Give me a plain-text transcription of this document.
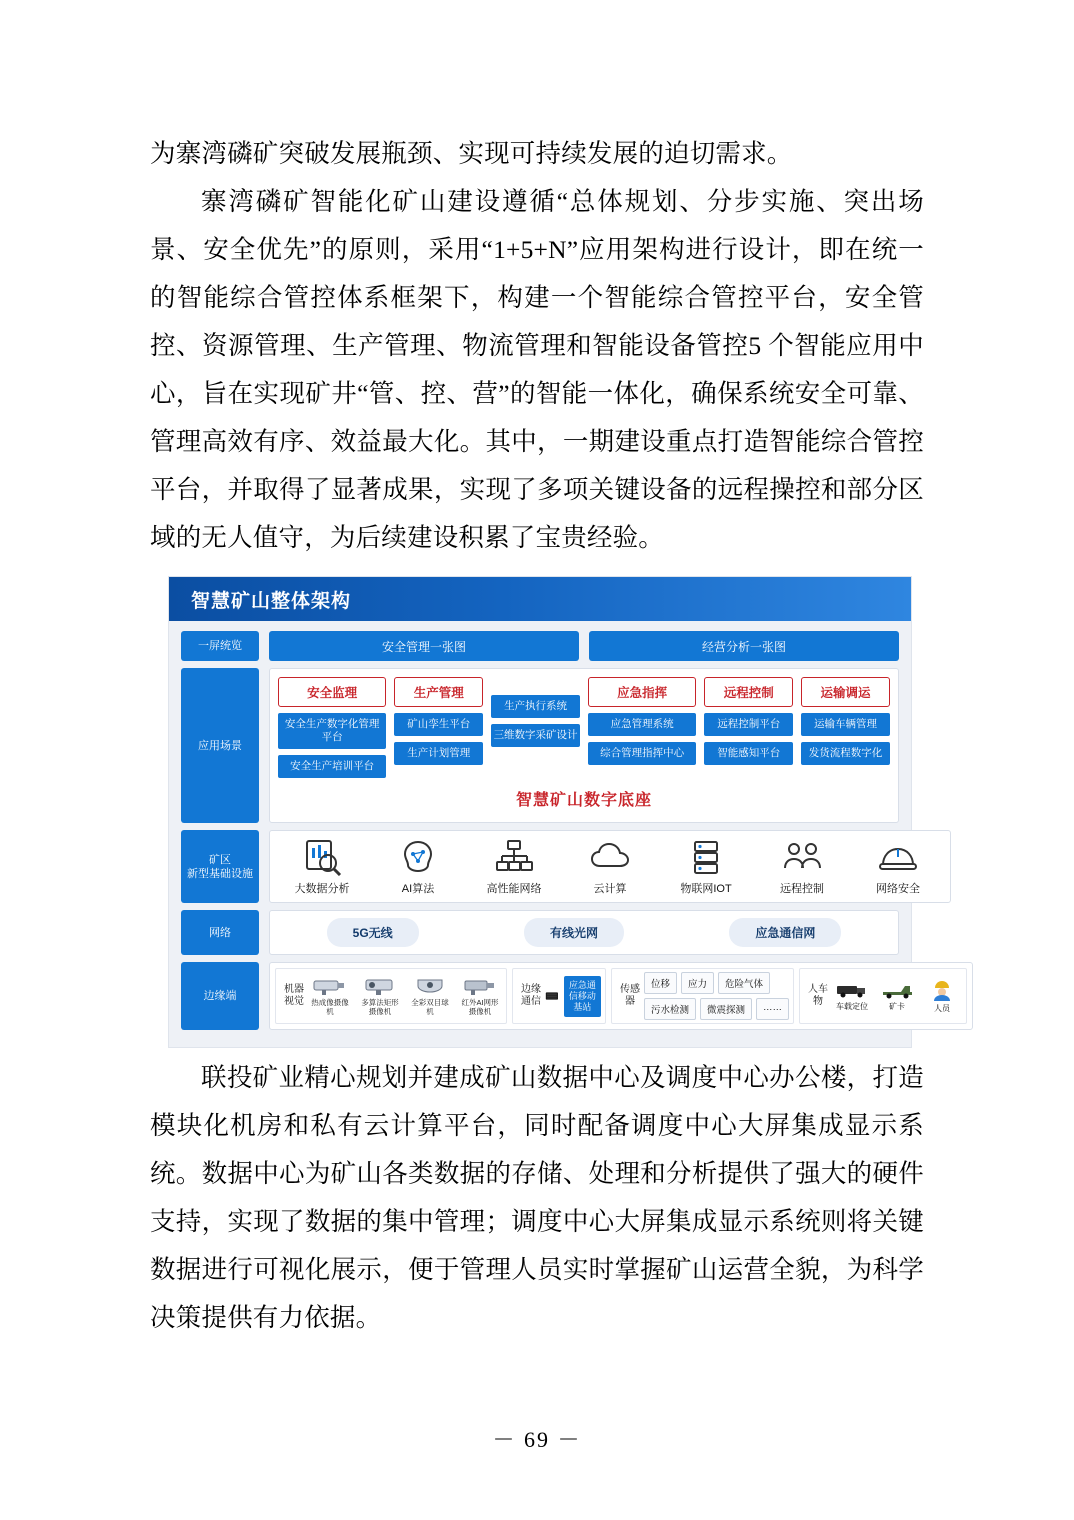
为寨湾磷矿突破发展瓶颈、实现可持续发展的迫切需求。

寨湾磷矿智能化矿山建设遵循“总体规划、分步实施、突出场景、安全优先”的原则，采用“1+5+N”应用架构进行设计，即在统一的智能综合管控体系框架下，构建一个智能综合管控平台，安全管控、资源管理、生产管理、物流管理和智能设备管控5 个智能应用中心，旨在实现矿井“管、控、营”的智能一体化，确保系统安全可靠、管理高效有序、效益最大化。其中，一期建设重点打造智能综合管控平台，并取得了显著成果，实现了多项关键设备的远程操控和部分区域的无人值守，为后续建设积累了宝贵经验。

智慧矿山整体架构
一屏统览	安全管理一张图	经营分析一张图
应用场景
安全监理
安全生产数字化管理平台
安全生产培训平台
生产管理
矿山孪生平台
生产计划管理
生产执行系统
三维数字采矿设计
应急指挥
应急管理系统
综合管理指挥中心
远程控制
远程控制平台
智能感知平台
运输调运
运输车辆管理
发货流程数字化
智慧矿山数字底座
矿区
新型基础设施
大数据分析	AI算法	高性能网络	云计算	物联网IOT	远程控制	网络安全
网络	5G无线	有线光网	应急通信网
边缘端
机器视觉 热成像摄像机
多算法矩形摄像机
全彩双目球机
红外AI网形摄像机
边缘通信
应急通信移动基站
传感器
位移	应力	危险气体
污水检测	微震探测	……
人车物	车载定位	矿卡	人员

联投矿业精心规划并建成矿山数据中心及调度中心办公楼，打造模块化机房和私有云计算平台，同时配备调度中心大屏集成显示系统。数据中心为矿山各类数据的存储、处理和分析提供了强大的硬件支持，实现了数据的集中管理；调度中心大屏集成显示系统则将关键数据进行可视化展示，便于管理人员实时掌握矿山运营全貌，为科学决策提供有力依据。

－ 69 －
